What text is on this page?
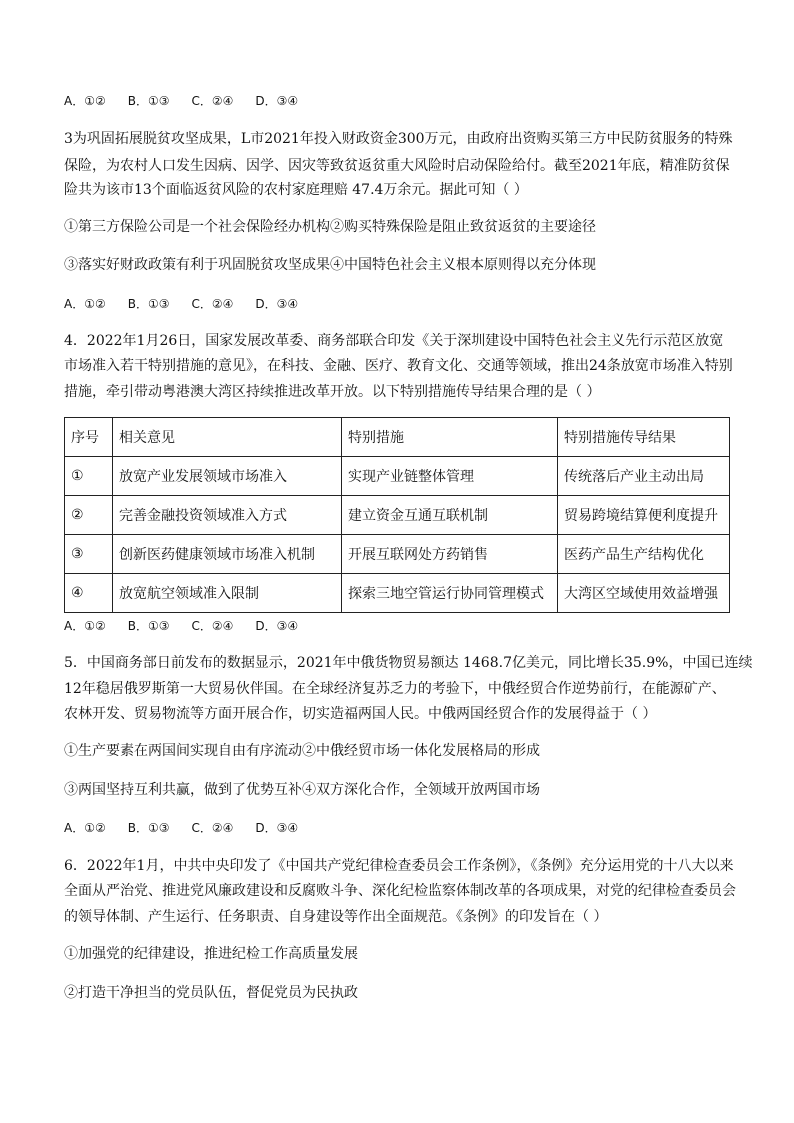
A．①② B．①③ C．②④ D．③④
3为巩固拓展脱贫攻坚成果，L市2021年投入财政资金300万元，由政府出资购买第三方中民防贫服务的特殊
保险，为农村人口发生因病、因学、因灾等致贫返贫重大风险时启动保险给付。截至2021年底，精准防贫保
险共为该市13个面临返贫风险的农村家庭理赔 47.4万余元。据此可知（ ）
①第三方保险公司是一个社会保险经办机构②购买特殊保险是阻止致贫返贫的主要途径
③落实好财政政策有利于巩固脱贫攻坚成果④中国特色社会主义根本原则得以充分体现
A．①② B．①③ C．②④ D．③④
4．2022年1月26日，国家发展改革委、商务部联合印发《关于深圳建设中国特色社会主义先行示范区放宽
市场准入若干特别措施的意见》，在科技、金融、医疗、教育文化、交通等领域，推出24条放宽市场准入特别
措施，牵引带动粤港澳大湾区持续推进改革开放。以下特别措施传导结果合理的是（ ）
序号	相关意见	特别措施	特别措施传导结果
①	放宽产业发展领域市场准入	实现产业链整体管理	传统落后产业主动出局
②	完善金融投资领域准入方式	建立资金互通互联机制	贸易跨境结算便利度提升
③	创新医药健康领域市场准入机制	开展互联网处方药销售	医药产品生产结构优化
④	放宽航空领域准入限制	探索三地空管运行协同管理模式	大湾区空域使用效益增强
A．①② B．①③ C．②④ D．③④
5．中国商务部日前发布的数据显示，2021年中俄货物贸易额达 1468.7亿美元，同比增长35.9%，中国已连续
12年稳居俄罗斯第一大贸易伙伴国。在全球经济复苏乏力的考验下，中俄经贸合作逆势前行，在能源矿产、
农林开发、贸易物流等方面开展合作，切实造福两国人民。中俄两国经贸合作的发展得益于（ ）
①生产要素在两国间实现自由有序流动②中俄经贸市场一体化发展格局的形成
③两国坚持互利共赢，做到了优势互补④双方深化合作，全领域开放两国市场
A．①② B．①③ C．②④ D．③④
6．2022年1月，中共中央印发了《中国共产党纪律检查委员会工作条例》，《条例》充分运用党的十八大以来
全面从严治党、推进党风廉政建设和反腐败斗争、深化纪检监察体制改革的各项成果，对党的纪律检查委员会
的领导体制、产生运行、任务职责、自身建设等作出全面规范。《条例》的印发旨在（ ）
①加强党的纪律建设，推进纪检工作高质量发展
②打造干净担当的党员队伍，督促党员为民执政
